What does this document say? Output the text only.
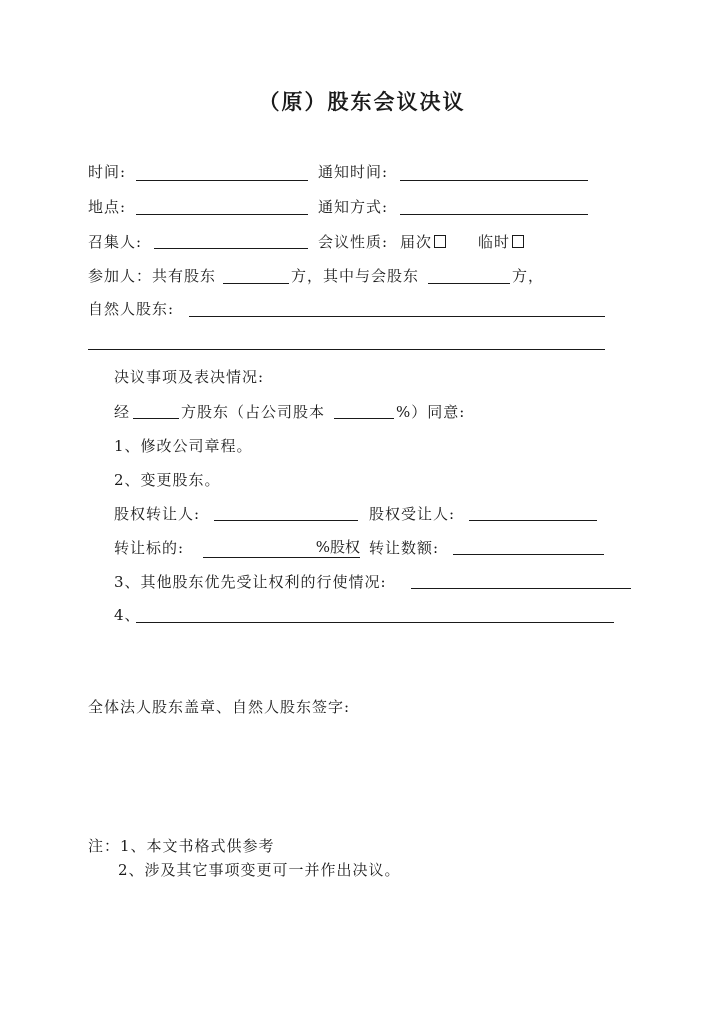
（原）股东会议决议
时间:	通知时间:
地点:	通知方式:
召集人:	会议性质: 届次	临时
参加人：共有股东	方，其中与会股东	方，
自然人股东:
决议事项及表决情况:
经	方股东（占公司股本	%）同意:
1、修改公司章程。
2、变更股东。
股权转让人:	股权受让人:
转让标的:	%股权 转让数额:
3、其他股东优先受让权利的行使情况:
4、
全体法人股东盖章、自然人股东签字:
注：1、本文书格式供参考
2、涉及其它事项变更可一并作出决议。
